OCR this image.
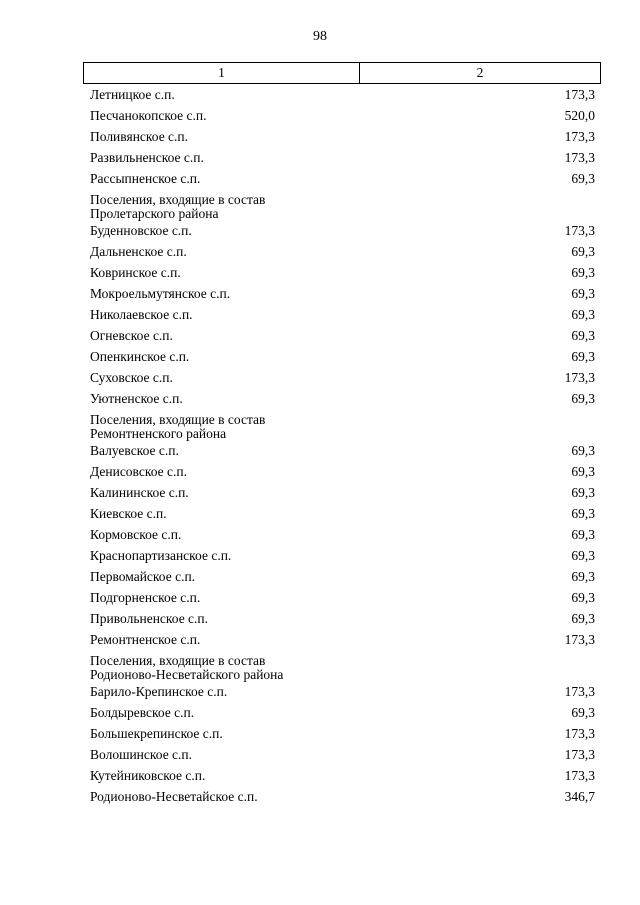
98
1	2
Летницкое с.п.	173,3
Песчанокопское с.п.	520,0
Поливянское с.п.	173,3
Развильненское с.п.	173,3
Рассыпненское с.п.	69,3
Поселения, входящие в состав
Пролетарского района
Буденновское с.п.	173,3
Дальненское с.п.	69,3
Ковринское с.п.	69,3
Мокроельмутянское с.п.	69,3
Николаевское с.п.	69,3
Огневское с.п.	69,3
Опенкинское с.п.	69,3
Суховское с.п.	173,3
Уютненское с.п.	69,3
Поселения, входящие в состав
Ремонтненского района
Валуевское с.п.	69,3
Денисовское с.п.	69,3
Калининское с.п.	69,3
Киевское с.п.	69,3
Кормовское с.п.	69,3
Краснопартизанское с.п.	69,3
Первомайское с.п.	69,3
Подгорненское с.п.	69,3
Привольненское с.п.	69,3
Ремонтненское с.п.	173,3
Поселения, входящие в состав
Родионово-Несветайского района
Барило-Крепинское с.п.	173,3
Болдыревское с.п.	69,3
Большекрепинское с.п.	173,3
Волошинское с.п.	173,3
Кутейниковское с.п.	173,3
Родионово-Несветайское с.п.	346,7
